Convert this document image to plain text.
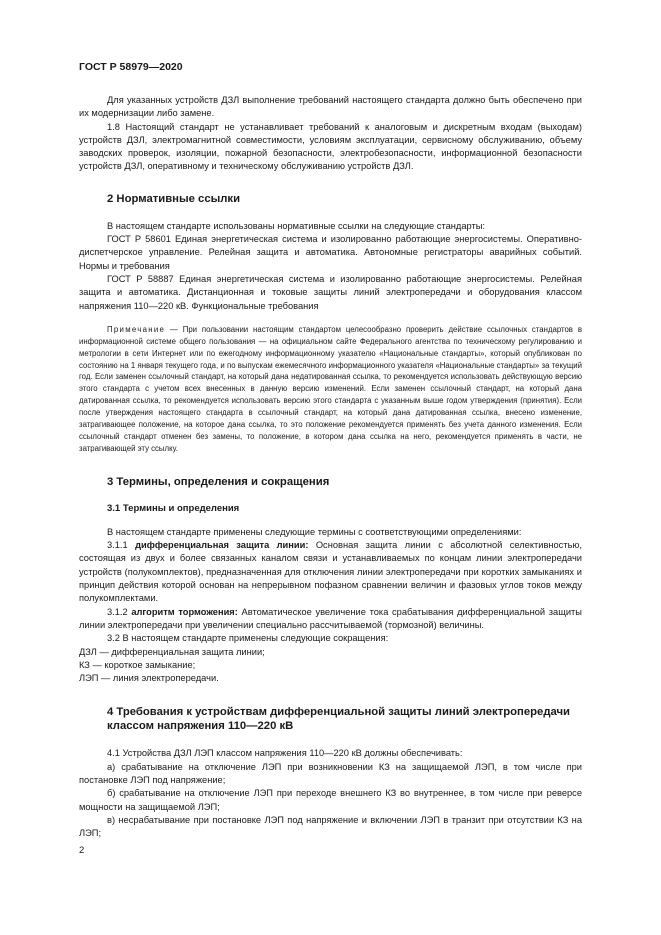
ГОСТ Р 58979—2020

Для указанных устройств ДЗЛ выполнение требований настоящего стандарта должно быть обеспечено при их модернизации либо замене.

1.8 Настоящий стандарт не устанавливает требований к аналоговым и дискретным входам (выходам) устройств ДЗЛ, электромагнитной совместимости, условиям эксплуатации, сервисному обслуживанию, объему заводских проверок, изоляции, пожарной безопасности, электробезопасности, информационной безопасности устройств ДЗЛ, оперативному и техническому обслуживанию устройств ДЗЛ.

2 Нормативные ссылки

В настоящем стандарте использованы нормативные ссылки на следующие стандарты:

ГОСТ Р 58601 Единая энергетическая система и изолированно работающие энергосистемы. Оперативно-диспетчерское управление. Релейная защита и автоматика. Автономные регистраторы аварийных событий. Нормы и требования

ГОСТ Р 58887 Единая энергетическая система и изолированно работающие энергосистемы. Релейная защита и автоматика. Дистанционная и токовые защиты линий электропередачи и оборудования классом напряжения 110—220 кВ. Функциональные требования

Примечание — При пользовании настоящим стандартом целесообразно проверить действие ссылочных стандартов в информационной системе общего пользования — на официальном сайте Федерального агентства по техническому регулированию и метрологии в сети Интернет или по ежегодному информационному указателю «Национальные стандарты», который опубликован по состоянию на 1 января текущего года, и по выпускам ежемесячного информационного указателя «Национальные стандарты» за текущий год. Если заменен ссылочный стандарт, на который дана недатированная ссылка, то рекомендуется использовать действующую версию этого стандарта с учетом всех внесенных в данную версию изменений. Если заменен ссылочный стандарт, на который дана датированная ссылка, то рекомендуется использовать версию этого стандарта с указанным выше годом утверждения (принятия). Если после утверждения настоящего стандарта в ссылочный стандарт, на который дана датированная ссылка, внесено изменение, затрагивающее положение, на которое дана ссылка, то это положение рекомендуется применять без учета данного изменения. Если ссылочный стандарт отменен без замены, то положение, в котором дана ссылка на него, рекомендуется применять в части, не затрагивающей эту ссылку.

3 Термины, определения и сокращения
3.1 Термины и определения

В настоящем стандарте применены следующие термины с соответствующими определениями:

3.1.1 дифференциальная защита линии: Основная защита линии с абсолютной селективностью, состоящая из двух и более связанных каналом связи и устанавливаемых по концам линии электропередачи устройств (полукомплектов), предназначенная для отключения линии электропередачи при коротких замыканиях и принцип действия которой основан на непрерывном пофазном сравнении величин и фазовых углов токов между полукомплектами.

3.1.2 алгоритм торможения: Автоматическое увеличение тока срабатывания дифференциальной защиты линии электропередачи при увеличении специально рассчитываемой (тормозной) величины.

3.2 В настоящем стандарте применены следующие сокращения:

ДЗЛ — дифференциальная защита линии;

КЗ — короткое замыкание;

ЛЭП — линия электропередачи.

4 Требования к устройствам дифференциальной защиты линий электропередачи классом напряжения 110—220 кВ

4.1 Устройства ДЗЛ ЛЭП классом напряжения 110—220 кВ должны обеспечивать:

а) срабатывание на отключение ЛЭП при возникновении КЗ на защищаемой ЛЭП, в том числе при постановке ЛЭП под напряжение;

б) срабатывание на отключение ЛЭП при переходе внешнего КЗ во внутреннее, в том числе при реверсе мощности на защищаемой ЛЭП;

в) несрабатывание при постановке ЛЭП под напряжение и включении ЛЭП в транзит при отсутствии КЗ на ЛЭП;

2
